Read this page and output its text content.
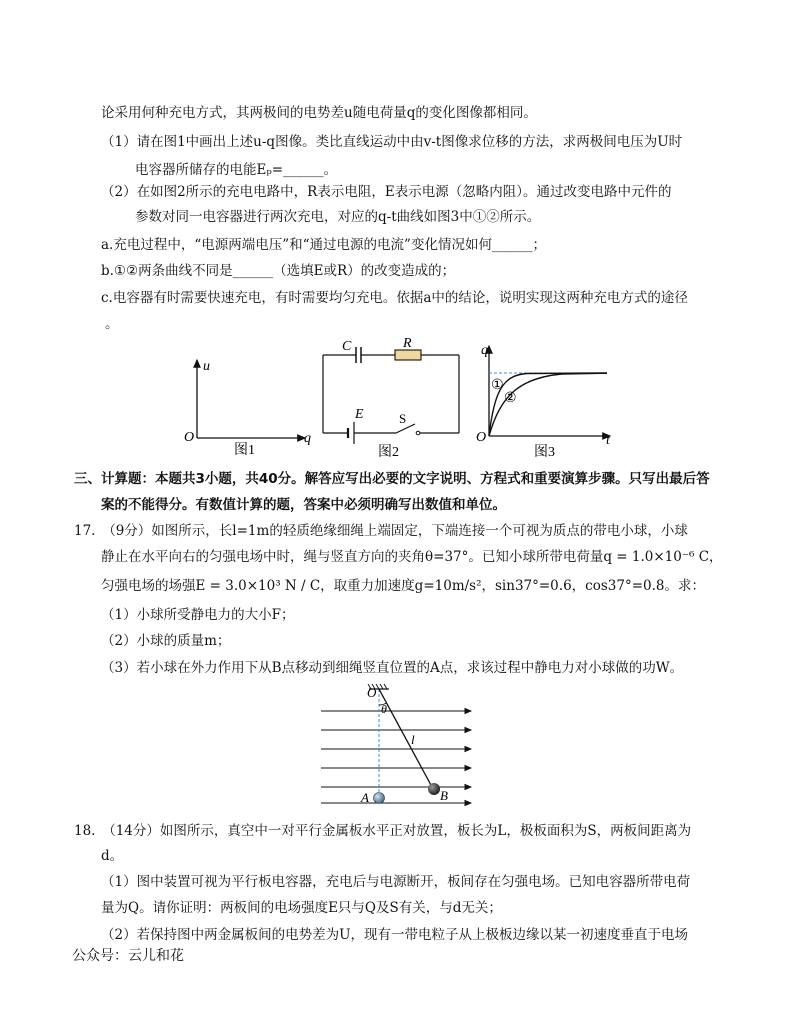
论采用何种充电方式，其两极间的电势差u随电荷量q的变化图像都相同。
（1）请在图1中画出上述u-q图像。类比直线运动中由v-t图像求位移的方法，求两极间电压为U时
电容器所储存的电能Eₚ=______。
（2）在如图2所示的充电电路中，R表示电阻，E表示电源（忽略内阻）。通过改变电路中元件的
参数对同一电容器进行两次充电，对应的q-t曲线如图3中①②所示。
a.充电过程中，“电源两端电压”和“通过电源的电流”变化情况如何______；
b.①②两条曲线不同是______（选填E或R）的改变造成的；
c.电容器有时需要快速充电，有时需要均匀充电。依据a中的结论，说明实现这两种充电方式的途径
。
u
O	q
图1
C	R
E	S
图2
q
O	t
①
②
图3
三、计算题：本题共3小题，共40分。解答应写出必要的文字说明、方程式和重要演算步骤。只写出最后答
案的不能得分。有数值计算的题，答案中必须明确写出数值和单位。
17.　（9分）如图所示，长l=1m的轻质绝缘细绳上端固定，下端连接一个可视为质点的带电小球，小球
静止在水平向右的匀强电场中时，绳与竖直方向的夹角θ=37°。已知小球所带电荷量q = 1.0×10⁻⁶ C，
匀强电场的场强E = 3.0×10³ N / C，取重力加速度g=10m/s²，sin37°=0.6，cos37°=0.8。求：
（1）小球所受静电力的大小F；
（2）小球的质量m；
（3）若小球在外力作用下从B点移动到细绳竖直位置的A点，求该过程中静电力对小球做的功W。
O
θ
l
A	B
18.　（14分）如图所示，真空中一对平行金属板水平正对放置，板长为L，极板面积为S，两板间距离为
d。
（1）图中装置可视为平行板电容器，充电后与电源断开，板间存在匀强电场。已知电容器所带电荷
量为Q。请你证明：两板间的电场强度E只与Q及S有关，与d无关；
（2）若保持图中两金属板间的电势差为U，现有一带电粒子从上极板边缘以某一初速度垂直于电场
公众号：云儿和花
